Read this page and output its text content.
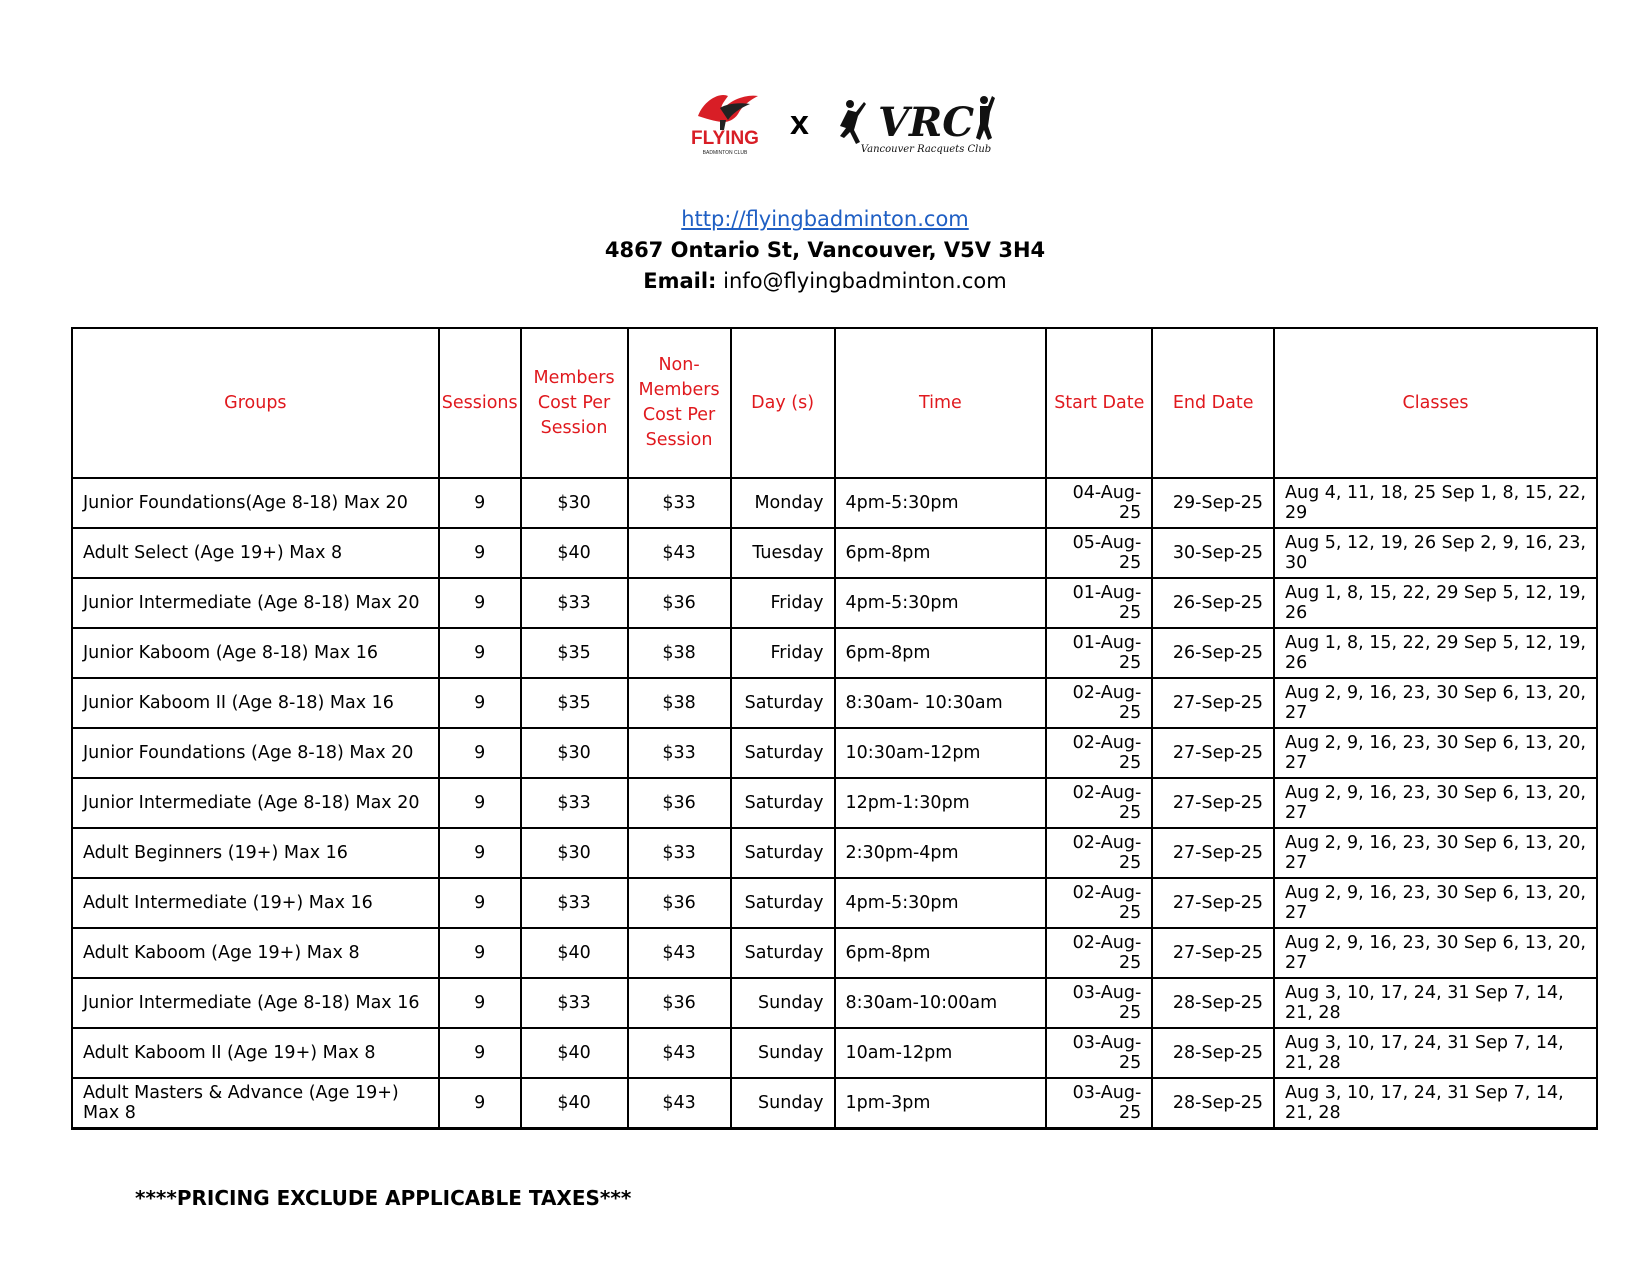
FLYING
BADMINTON CLUB
x VRC
Vancouver Racquets Club
http://flyingbadminton.com
4867 Ontario St, Vancouver, V5V 3H4
Email: info@flyingbadminton.com
Groups	Sessions	Members Cost Per Session	Non-Members Cost Per Session	Day (s)	Time	Start Date	End Date	Classes
Junior Foundations(Age 8-18) Max 20	9	$30	$33	Monday	4pm-5:30pm	04-Aug-25	29-Sep-25	Aug 4, 11, 18, 25 Sep 1, 8, 15, 22, 29
Adult Select (Age 19+) Max 8	9	$40	$43	Tuesday	6pm-8pm	05-Aug-25	30-Sep-25	Aug 5, 12, 19, 26 Sep 2, 9, 16, 23, 30
Junior Intermediate (Age 8-18) Max 20	9	$33	$36	Friday	4pm-5:30pm	01-Aug-25	26-Sep-25	Aug 1, 8, 15, 22, 29 Sep 5, 12, 19, 26
Junior Kaboom (Age 8-18) Max 16	9	$35	$38	Friday	6pm-8pm	01-Aug-25	26-Sep-25	Aug 1, 8, 15, 22, 29 Sep 5, 12, 19, 26
Junior Kaboom II (Age 8-18) Max 16	9	$35	$38	Saturday	8:30am- 10:30am	02-Aug-25	27-Sep-25	Aug 2, 9, 16, 23, 30 Sep 6, 13, 20, 27
Junior Foundations (Age 8-18) Max 20	9	$30	$33	Saturday	10:30am-12pm	02-Aug-25	27-Sep-25	Aug 2, 9, 16, 23, 30 Sep 6, 13, 20, 27
Junior Intermediate (Age 8-18) Max 20	9	$33	$36	Saturday	12pm-1:30pm	02-Aug-25	27-Sep-25	Aug 2, 9, 16, 23, 30 Sep 6, 13, 20, 27
Adult Beginners (19+) Max 16	9	$30	$33	Saturday	2:30pm-4pm	02-Aug-25	27-Sep-25	Aug 2, 9, 16, 23, 30 Sep 6, 13, 20, 27
Adult Intermediate (19+) Max 16	9	$33	$36	Saturday	4pm-5:30pm	02-Aug-25	27-Sep-25	Aug 2, 9, 16, 23, 30 Sep 6, 13, 20, 27
Adult Kaboom (Age 19+) Max 8	9	$40	$43	Saturday	6pm-8pm	02-Aug-25	27-Sep-25	Aug 2, 9, 16, 23, 30 Sep 6, 13, 20, 27
Junior Intermediate (Age 8-18) Max 16	9	$33	$36	Sunday	8:30am-10:00am	03-Aug-25	28-Sep-25	Aug 3, 10, 17, 24, 31 Sep 7, 14, 21, 28
Adult Kaboom II (Age 19+) Max 8	9	$40	$43	Sunday	10am-12pm	03-Aug-25	28-Sep-25	Aug 3, 10, 17, 24, 31 Sep 7, 14, 21, 28
Adult Masters & Advance (Age 19+) Max 8	9	$40	$43	Sunday	1pm-3pm	03-Aug-25	28-Sep-25	Aug 3, 10, 17, 24, 31 Sep 7, 14, 21, 28
****PRICING EXCLUDE APPLICABLE TAXES***
